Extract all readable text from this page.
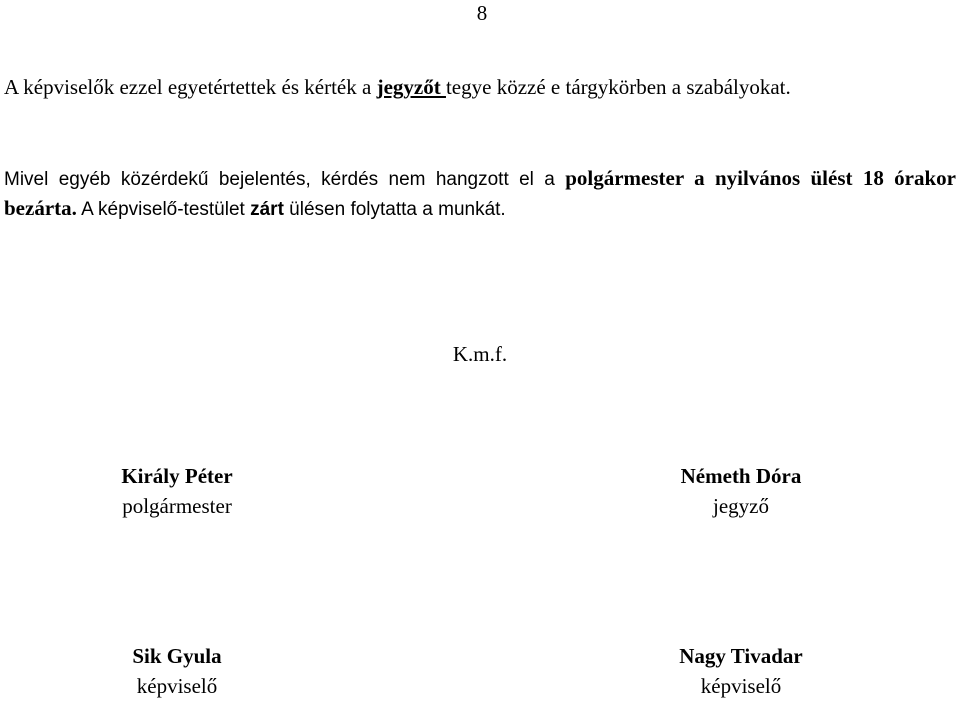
8

A képviselők ezzel egyetértettek és kérték a jegyzőt tegye közzé e tárgykörben a szabályokat.

Mivel egyéb közérdekű bejelentés, kérdés nem hangzott el a polgármester a nyilvános ülést 18 órakor bezárta. A képviselő-testület zárt ülésen folytatta a munkát.

K.m.f.
Király Péter
polgármester
Németh Dóra
jegyző
Sik Gyula
képviselő
Nagy Tivadar
képviselő
